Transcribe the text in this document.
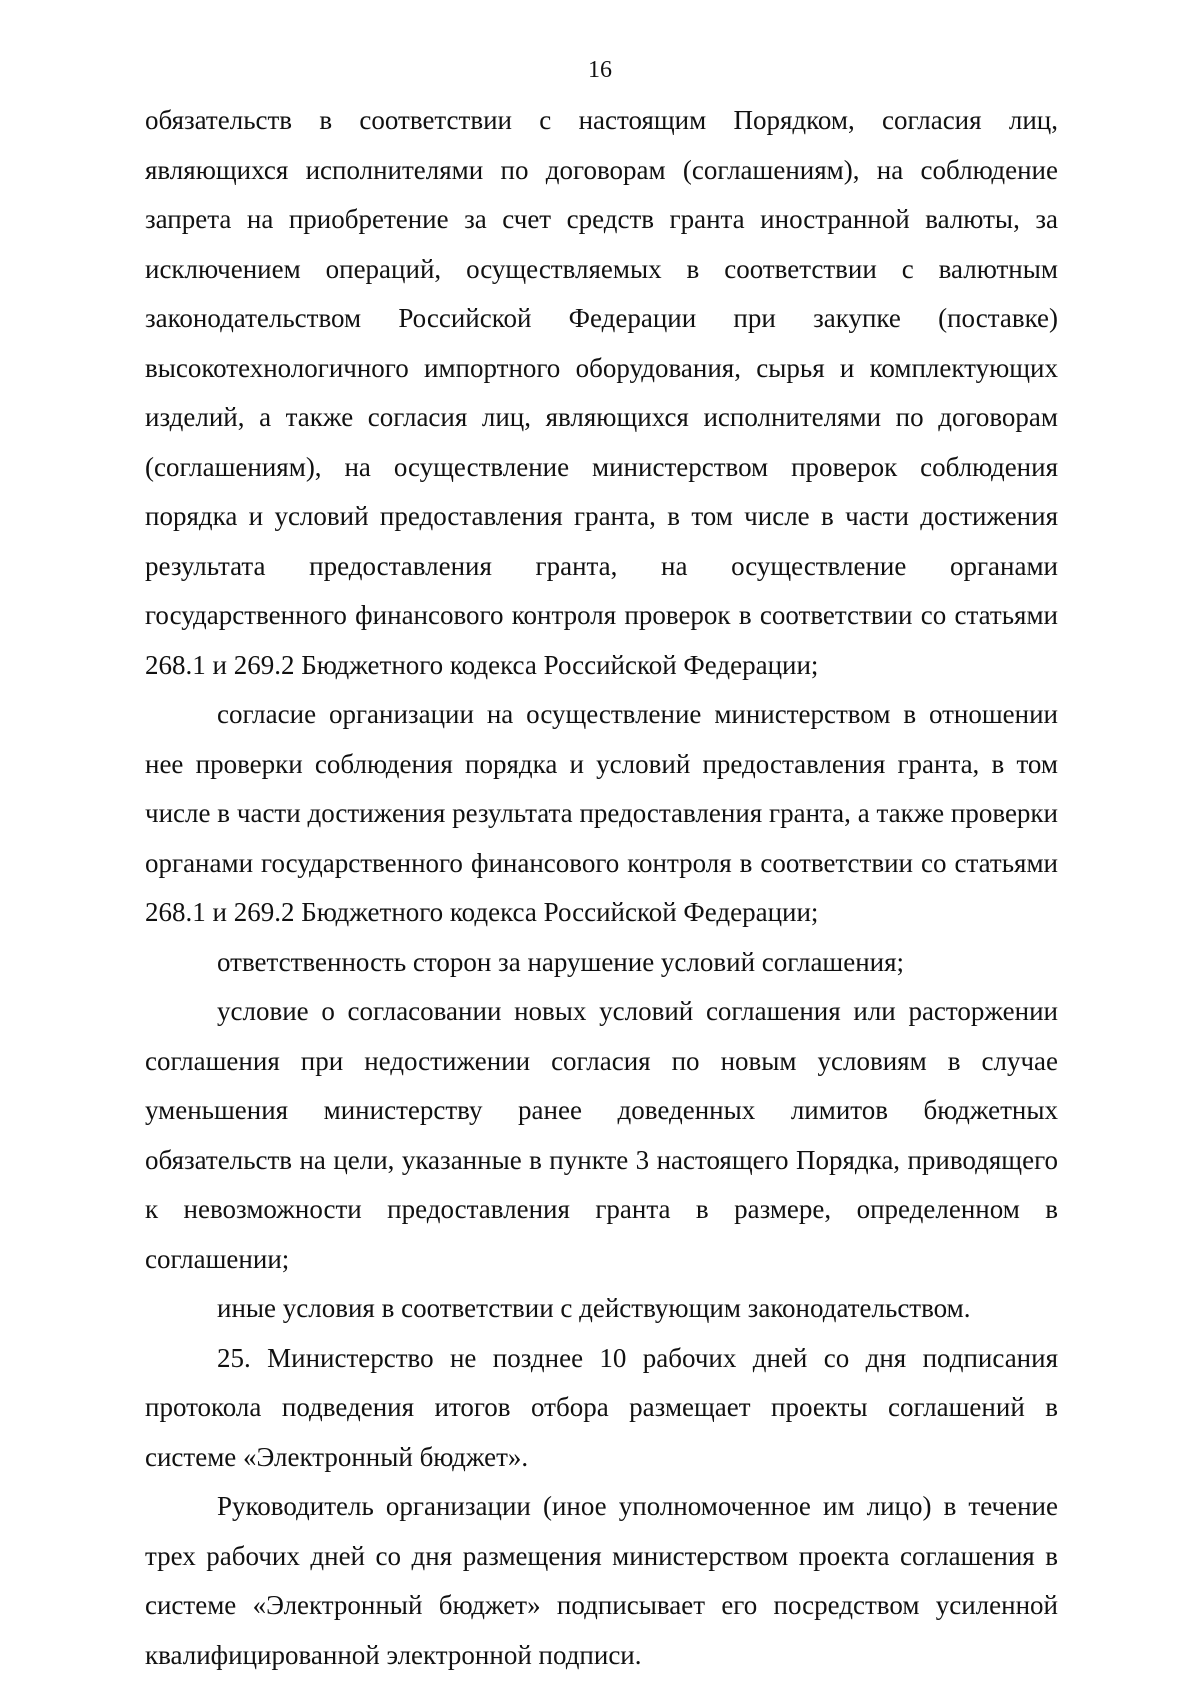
16

обязательств в соответствии с настоящим Порядком, согласия лиц, являющихся исполнителями по договорам (соглашениям), на соблюдение запрета на приобретение за счет средств гранта иностранной валюты, за исключением операций, осуществляемых в соответствии с валютным законодательством Российской Федерации при закупке (поставке) высокотехнологичного импортного оборудования, сырья и комплектующих изделий, а также согласия лиц, являющихся исполнителями по договорам (соглашениям), на осуществление министерством проверок соблюдения порядка и условий предоставления гранта, в том числе в части достижения результата предоставления гранта, на осуществление органами государственного финансового контроля проверок в соответствии со статьями 268.1 и 269.2 Бюджетного кодекса Российской Федерации;

согласие организации на осуществление министерством в отношении нее проверки соблюдения порядка и условий предоставления гранта, в том числе в части достижения результата предоставления гранта, а также проверки органами государственного финансового контроля в соответствии со статьями 268.1 и 269.2 Бюджетного кодекса Российской Федерации;

ответственность сторон за нарушение условий соглашения;

условие о согласовании новых условий соглашения или расторжении соглашения при недостижении согласия по новым условиям в случае уменьшения министерству ранее доведенных лимитов бюджетных обязательств на цели, указанные в пункте 3 настоящего Порядка, приводящего к невозможности предоставления гранта в размере, определенном в соглашении;

иные условия в соответствии с действующим законодательством.

25. Министерство не позднее 10 рабочих дней со дня подписания протокола подведения итогов отбора размещает проекты соглашений в системе «Электронный бюджет».

Руководитель организации (иное уполномоченное им лицо) в течение трех рабочих дней со дня размещения министерством проекта соглашения в системе «Электронный бюджет» подписывает его посредством усиленной квалифицированной электронной подписи.
